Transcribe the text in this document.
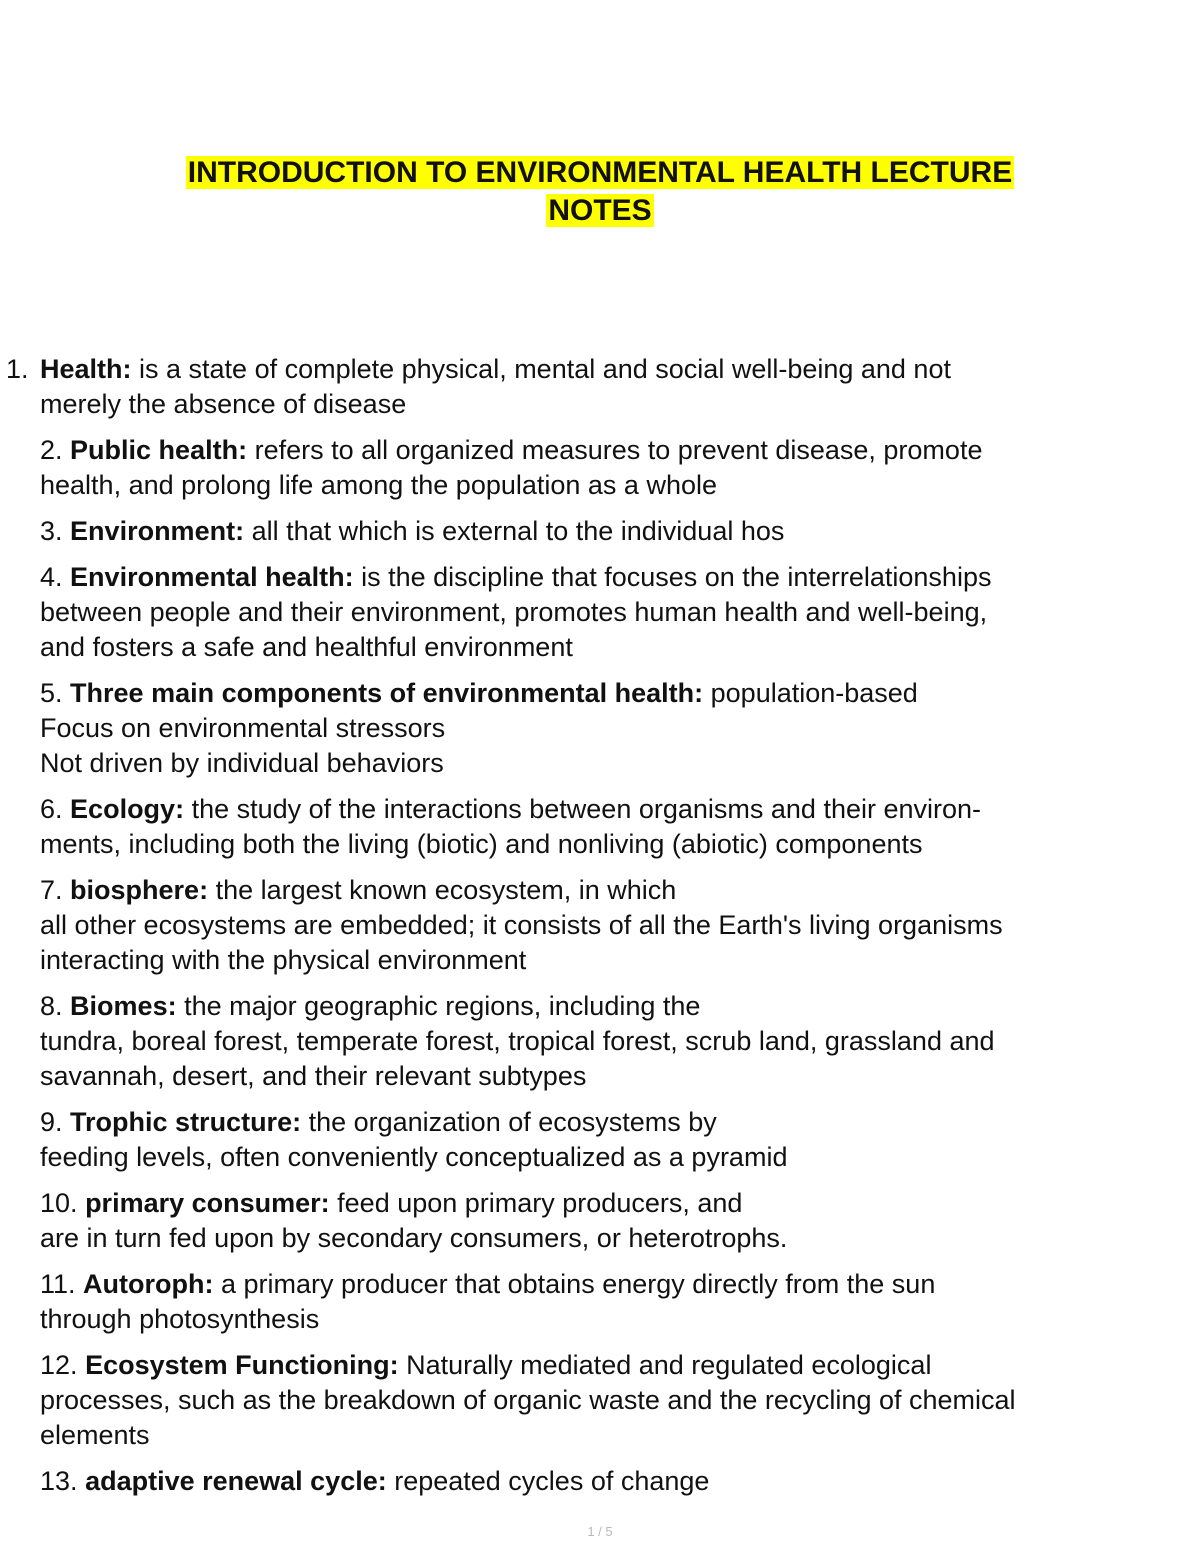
INTRODUCTION TO ENVIRONMENTAL HEALTH LECTURE
NOTES
1. Health: is a state of complete physical, mental and social well-being and not
merely the absence of disease
2. Public health: refers to all organized measures to prevent disease, promote
health, and prolong life among the population as a whole
3. Environment: all that which is external to the individual hos
4. Environmental health: is the discipline that focuses on the interrelationships
between people and their environment, promotes human health and well-being,
and fosters a safe and healthful environment
5. Three main components of environmental health: population-based
Focus on environmental stressors
Not driven by individual behaviors
6. Ecology: the study of the interactions between organisms and their environ-
ments, including both the living (biotic) and nonliving (abiotic) components
7. biosphere: the largest known ecosystem, in which
all other ecosystems are embedded; it consists of all the Earth's living organisms
interacting with the physical environment
8. Biomes: the major geographic regions, including the
tundra, boreal forest, temperate forest, tropical forest, scrub land, grassland and
savannah, desert, and their relevant subtypes
9. Trophic structure: the organization of ecosystems by
feeding levels, often conveniently conceptualized as a pyramid
10. primary consumer: feed upon primary producers, and
are in turn fed upon by secondary consumers, or heterotrophs.
11. Autoroph: a primary producer that obtains energy directly from the sun
through photosynthesis
12. Ecosystem Functioning: Naturally mediated and regulated ecological
processes, such as the breakdown of organic waste and the recycling of chemical
elements
13. adaptive renewal cycle: repeated cycles of change
1 / 5
